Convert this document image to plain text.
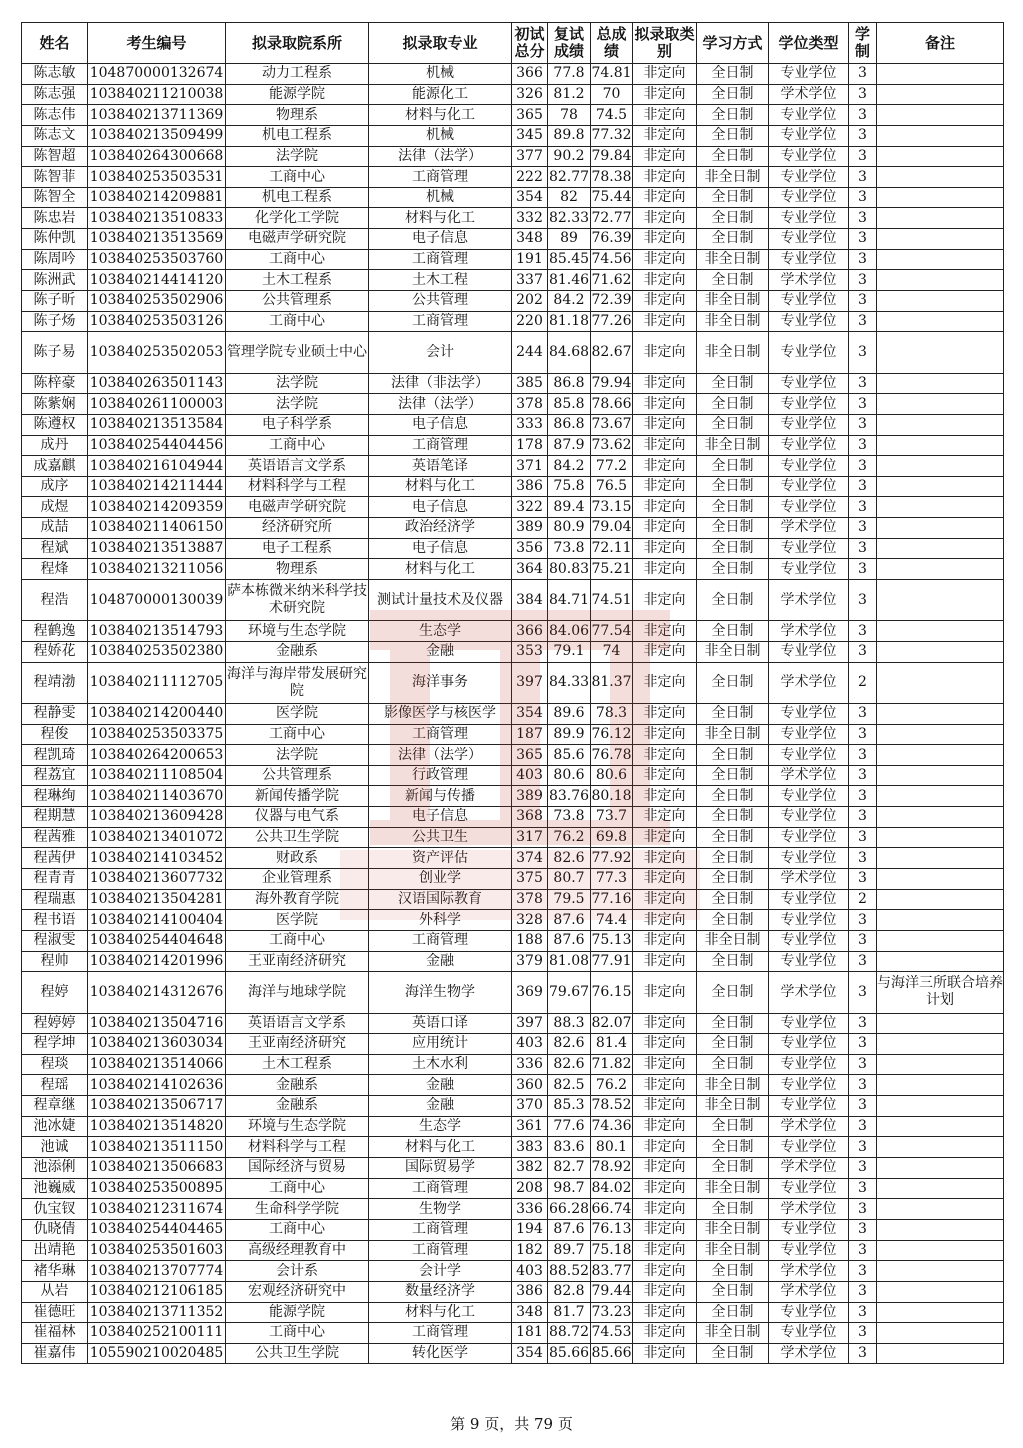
姓名	考生编号	拟录取院系所	拟录取专业	初试总分	复试成绩	总成绩	拟录取类别	学习方式	学位类型	学制	备注
陈志敏	104870000132674	动力工程系	机械	366	77.8	74.81	非定向	全日制	专业学位	3	
陈志强	103840211210038	能源学院	能源化工	326	81.2	70	非定向	全日制	学术学位	3	
陈志伟	103840213711369	物理系	材料与化工	365	78	74.5	非定向	全日制	专业学位	3	
陈志文	103840213509499	机电工程系	机械	345	89.8	77.32	非定向	全日制	专业学位	3	
陈智超	103840264300668	法学院	法律（法学）	377	90.2	79.84	非定向	全日制	专业学位	3	
陈智菲	103840253503531	工商中心	工商管理	222	82.77	78.38	非定向	非全日制	专业学位	3	
陈智全	103840214209881	机电工程系	机械	354	82	75.44	非定向	全日制	专业学位	3	
陈忠岩	103840213510833	化学化工学院	材料与化工	332	82.33	72.77	非定向	全日制	专业学位	3	
陈仲凯	103840213513569	电磁声学研究院	电子信息	348	89	76.39	非定向	全日制	专业学位	3	
陈周吟	103840253503760	工商中心	工商管理	191	85.45	74.56	非定向	非全日制	专业学位	3	
陈洲武	103840214414120	土木工程系	土木工程	337	81.46	71.62	非定向	全日制	学术学位	3	
陈子昕	103840253502906	公共管理系	公共管理	202	84.2	72.39	非定向	非全日制	专业学位	3	
陈子炀	103840253503126	工商中心	工商管理	220	81.18	77.26	非定向	非全日制	专业学位	3	
陈子易	103840253502053	管理学院专业硕士中心	会计	244	84.68	82.67	非定向	非全日制	专业学位	3	
陈梓豪	103840263501143	法学院	法律（非法学）	385	86.8	79.94	非定向	全日制	专业学位	3	
陈紫娴	103840261100003	法学院	法律（法学）	378	85.8	78.66	非定向	全日制	专业学位	3	
陈遵权	103840213513584	电子科学系	电子信息	333	86.8	73.67	非定向	全日制	专业学位	3	
成丹	103840254404456	工商中心	工商管理	178	87.9	73.62	非定向	非全日制	专业学位	3	
成嘉麒	103840216104944	英语语言文学系	英语笔译	371	84.2	77.2	非定向	全日制	专业学位	3	
成序	103840214211444	材料科学与工程	材料与化工	386	75.8	76.5	非定向	全日制	专业学位	3	
成煜	103840214209359	电磁声学研究院	电子信息	322	89.4	73.15	非定向	全日制	专业学位	3	
成喆	103840211406150	经济研究所	政治经济学	389	80.9	79.04	非定向	全日制	学术学位	3	
程斌	103840213513887	电子工程系	电子信息	356	73.8	72.11	非定向	全日制	专业学位	3	
程烽	103840213211056	物理系	材料与化工	364	80.83	75.21	非定向	全日制	专业学位	3	
程浩	104870000130039	萨本栋微米纳米科学技术研究院	测试计量技术及仪器	384	84.71	74.51	非定向	全日制	学术学位	3	
程鹤逸	103840213514793	环境与生态学院	生态学	366	84.06	77.54	非定向	全日制	学术学位	3	
程娇花	103840253502380	金融系	金融	353	79.1	74	非定向	非全日制	专业学位	3	
程靖渤	103840211112705	海洋与海岸带发展研究院	海洋事务	397	84.33	81.37	非定向	全日制	学术学位	2	
程静雯	103840214200440	医学院	影像医学与核医学	354	89.6	78.3	非定向	全日制	专业学位	3	
程俊	103840253503375	工商中心	工商管理	187	89.9	76.12	非定向	非全日制	专业学位	3	
程凯琦	103840264200653	法学院	法律（法学）	365	85.6	76.78	非定向	全日制	专业学位	3	
程荔宜	103840211108504	公共管理系	行政管理	403	80.6	80.6	非定向	全日制	学术学位	3	
程琳绚	103840211403670	新闻传播学院	新闻与传播	389	83.76	80.18	非定向	全日制	专业学位	3	
程期慧	103840213609428	仪器与电气系	电子信息	368	73.8	73.7	非定向	全日制	专业学位	3	
程茜雅	103840213401072	公共卫生学院	公共卫生	317	76.2	69.8	非定向	全日制	专业学位	3	
程茜伊	103840214103452	财政系	资产评估	374	82.6	77.92	非定向	全日制	专业学位	3	
程青青	103840213607732	企业管理系	创业学	375	80.7	77.3	非定向	全日制	学术学位	3	
程瑞惠	103840213504281	海外教育学院	汉语国际教育	378	79.5	77.16	非定向	全日制	专业学位	2	
程书语	103840214100404	医学院	外科学	328	87.6	74.4	非定向	全日制	专业学位	3	
程淑雯	103840254404648	工商中心	工商管理	188	87.6	75.13	非定向	非全日制	专业学位	3	
程帅	103840214201996	王亚南经济研究	金融	379	81.08	77.91	非定向	全日制	专业学位	3	
程婷	103840214312676	海洋与地球学院	海洋生物学	369	79.67	76.15	非定向	全日制	学术学位	3	与海洋三所联合培养计划
程婷婷	103840213504716	英语语言文学系	英语口译	397	88.3	82.07	非定向	全日制	专业学位	3	
程学坤	103840213603034	王亚南经济研究	应用统计	403	82.6	81.4	非定向	全日制	专业学位	3	
程琰	103840213514066	土木工程系	土木水利	336	82.6	71.82	非定向	全日制	专业学位	3	
程瑶	103840214102636	金融系	金融	360	82.5	76.2	非定向	非全日制	专业学位	3	
程章继	103840213506717	金融系	金融	370	85.3	78.52	非定向	非全日制	专业学位	3	
池冰婕	103840213514820	环境与生态学院	生态学	361	77.6	74.36	非定向	全日制	学术学位	3	
池诚	103840213511150	材料科学与工程	材料与化工	383	83.6	80.1	非定向	全日制	专业学位	3	
池添俐	103840213506683	国际经济与贸易	国际贸易学	382	82.7	78.92	非定向	全日制	学术学位	3	
池巍威	103840253500895	工商中心	工商管理	208	98.7	84.02	非定向	非全日制	专业学位	3	
仇宝钗	103840212311674	生命科学学院	生物学	336	66.28	66.74	非定向	全日制	学术学位	3	
仇晓倩	103840254404465	工商中心	工商管理	194	87.6	76.13	非定向	非全日制	专业学位	3	
出靖艳	103840253501603	高级经理教育中	工商管理	182	89.7	75.18	非定向	非全日制	专业学位	3	
褚华琳	103840213707774	会计系	会计学	403	88.52	83.77	非定向	全日制	学术学位	3	
从岩	103840212106185	宏观经济研究中	数量经济学	386	82.8	79.44	非定向	全日制	学术学位	3	
崔德旺	103840213711352	能源学院	材料与化工	348	81.7	73.23	非定向	全日制	专业学位	3	
崔福林	103840252100111	工商中心	工商管理	181	88.72	74.53	非定向	非全日制	专业学位	3	
崔嘉伟	105590210020485	公共卫生学院	转化医学	354	85.66	85.66	非定向	全日制	学术学位	3	
第 9 页，共 79 页
